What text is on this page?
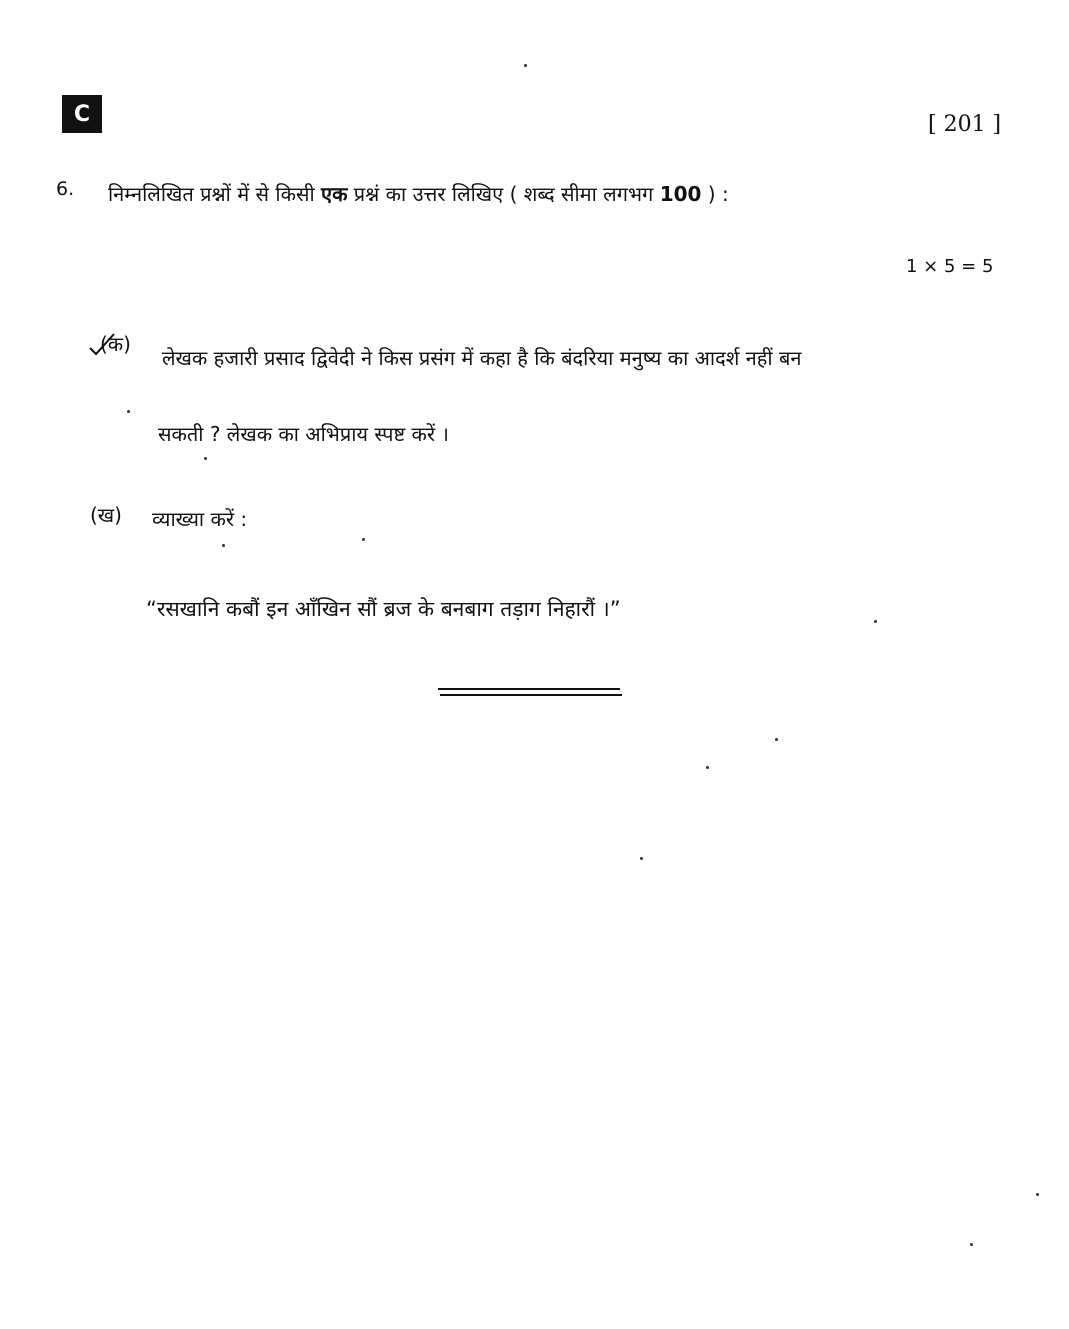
C	[ 201 ]
6. निम्नलिखित प्रश्नों में से किसी एक प्रश्नं का उत्तर लिखिए ( शब्द सीमा लगभग 100 ) :
1 × 5 = 5
(क)
लेखक हजारी प्रसाद द्विवेदी ने किस प्रसंग में कहा है कि बंदरिया मनुष्य का आदर्श नहीं बन
सकती ? लेखक का अभिप्राय स्पष्ट करें ।
(ख) व्याख्या करें :
“रसखानि कबौं इन आँखिन सौं ब्रज के बनबाग तड़ाग निहारौं ।”
